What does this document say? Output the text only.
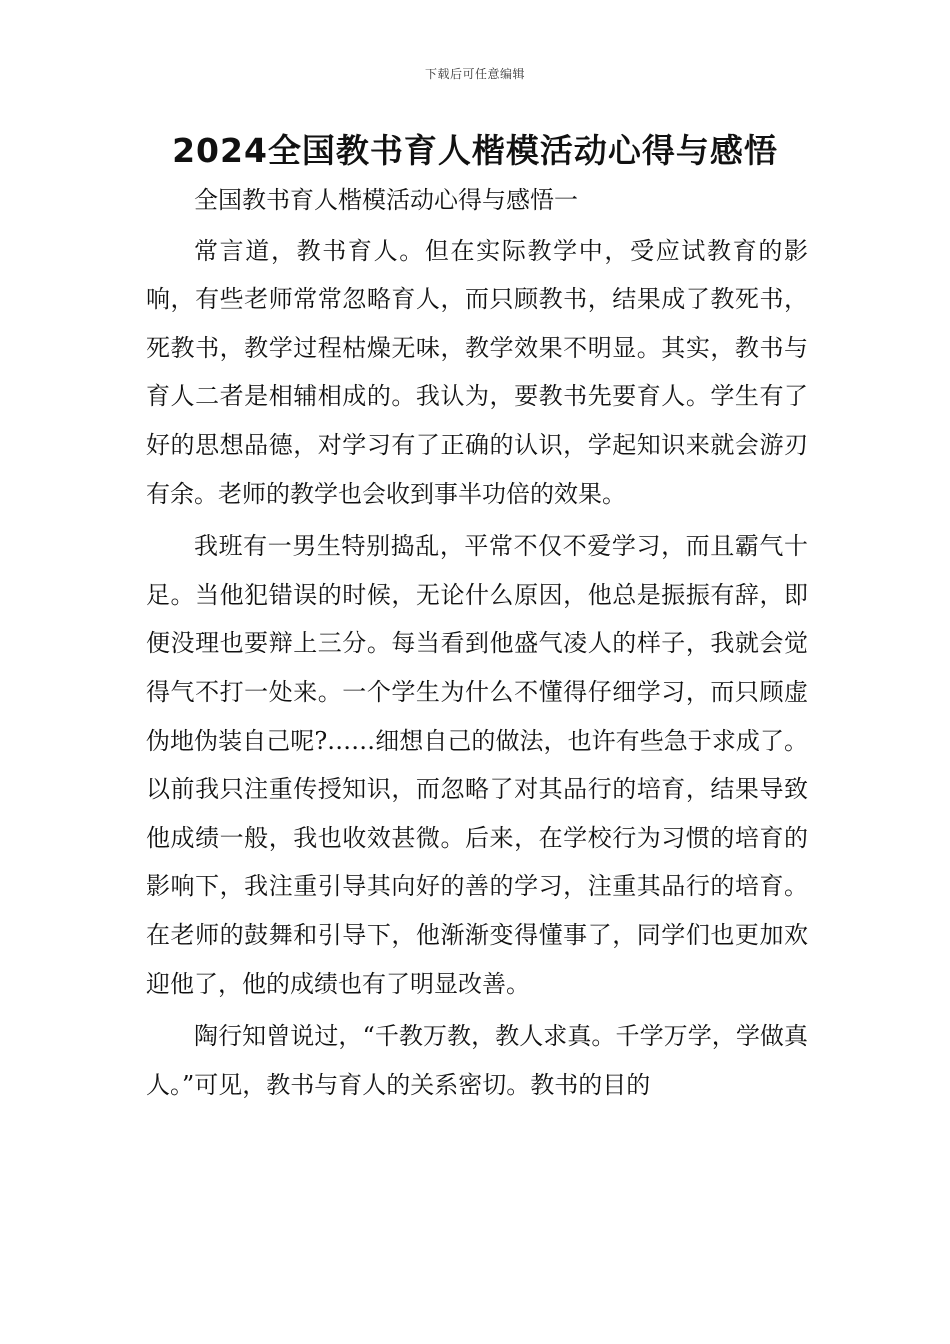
下载后可任意编辑
2024全国教书育人楷模活动心得与感悟

全国教书育人楷模活动心得与感悟一

常言道，教书育人。但在实际教学中，受应试教育的影响，有些老师常常忽略育人，而只顾教书，结果成了教死书，死教书，教学过程枯燥无味，教学效果不明显。其实，教书与育人二者是相辅相成的。我认为，要教书先要育人。学生有了好的思想品德，对学习有了正确的认识，学起知识来就会游刃有余。老师的教学也会收到事半功倍的效果。

我班有一男生特别捣乱，平常不仅不爱学习，而且霸气十足。当他犯错误的时候，无论什么原因，他总是振振有辞，即便没理也要辩上三分。每当看到他盛气凌人的样子，我就会觉得气不打一处来。一个学生为什么不懂得仔细学习，而只顾虚伪地伪装自己呢?……细想自己的做法，也许有些急于求成了。以前我只注重传授知识，而忽略了对其品行的培育，结果导致他成绩一般，我也收效甚微。后来，在学校行为习惯的培育的影响下，我注重引导其向好的善的学习，注重其品行的培育。在老师的鼓舞和引导下，他渐渐变得懂事了，同学们也更加欢迎他了，他的成绩也有了明显改善。

陶行知曾说过，“千教万教，教人求真。千学万学，学做真人。”可见，教书与育人的关系密切。教书的目的
